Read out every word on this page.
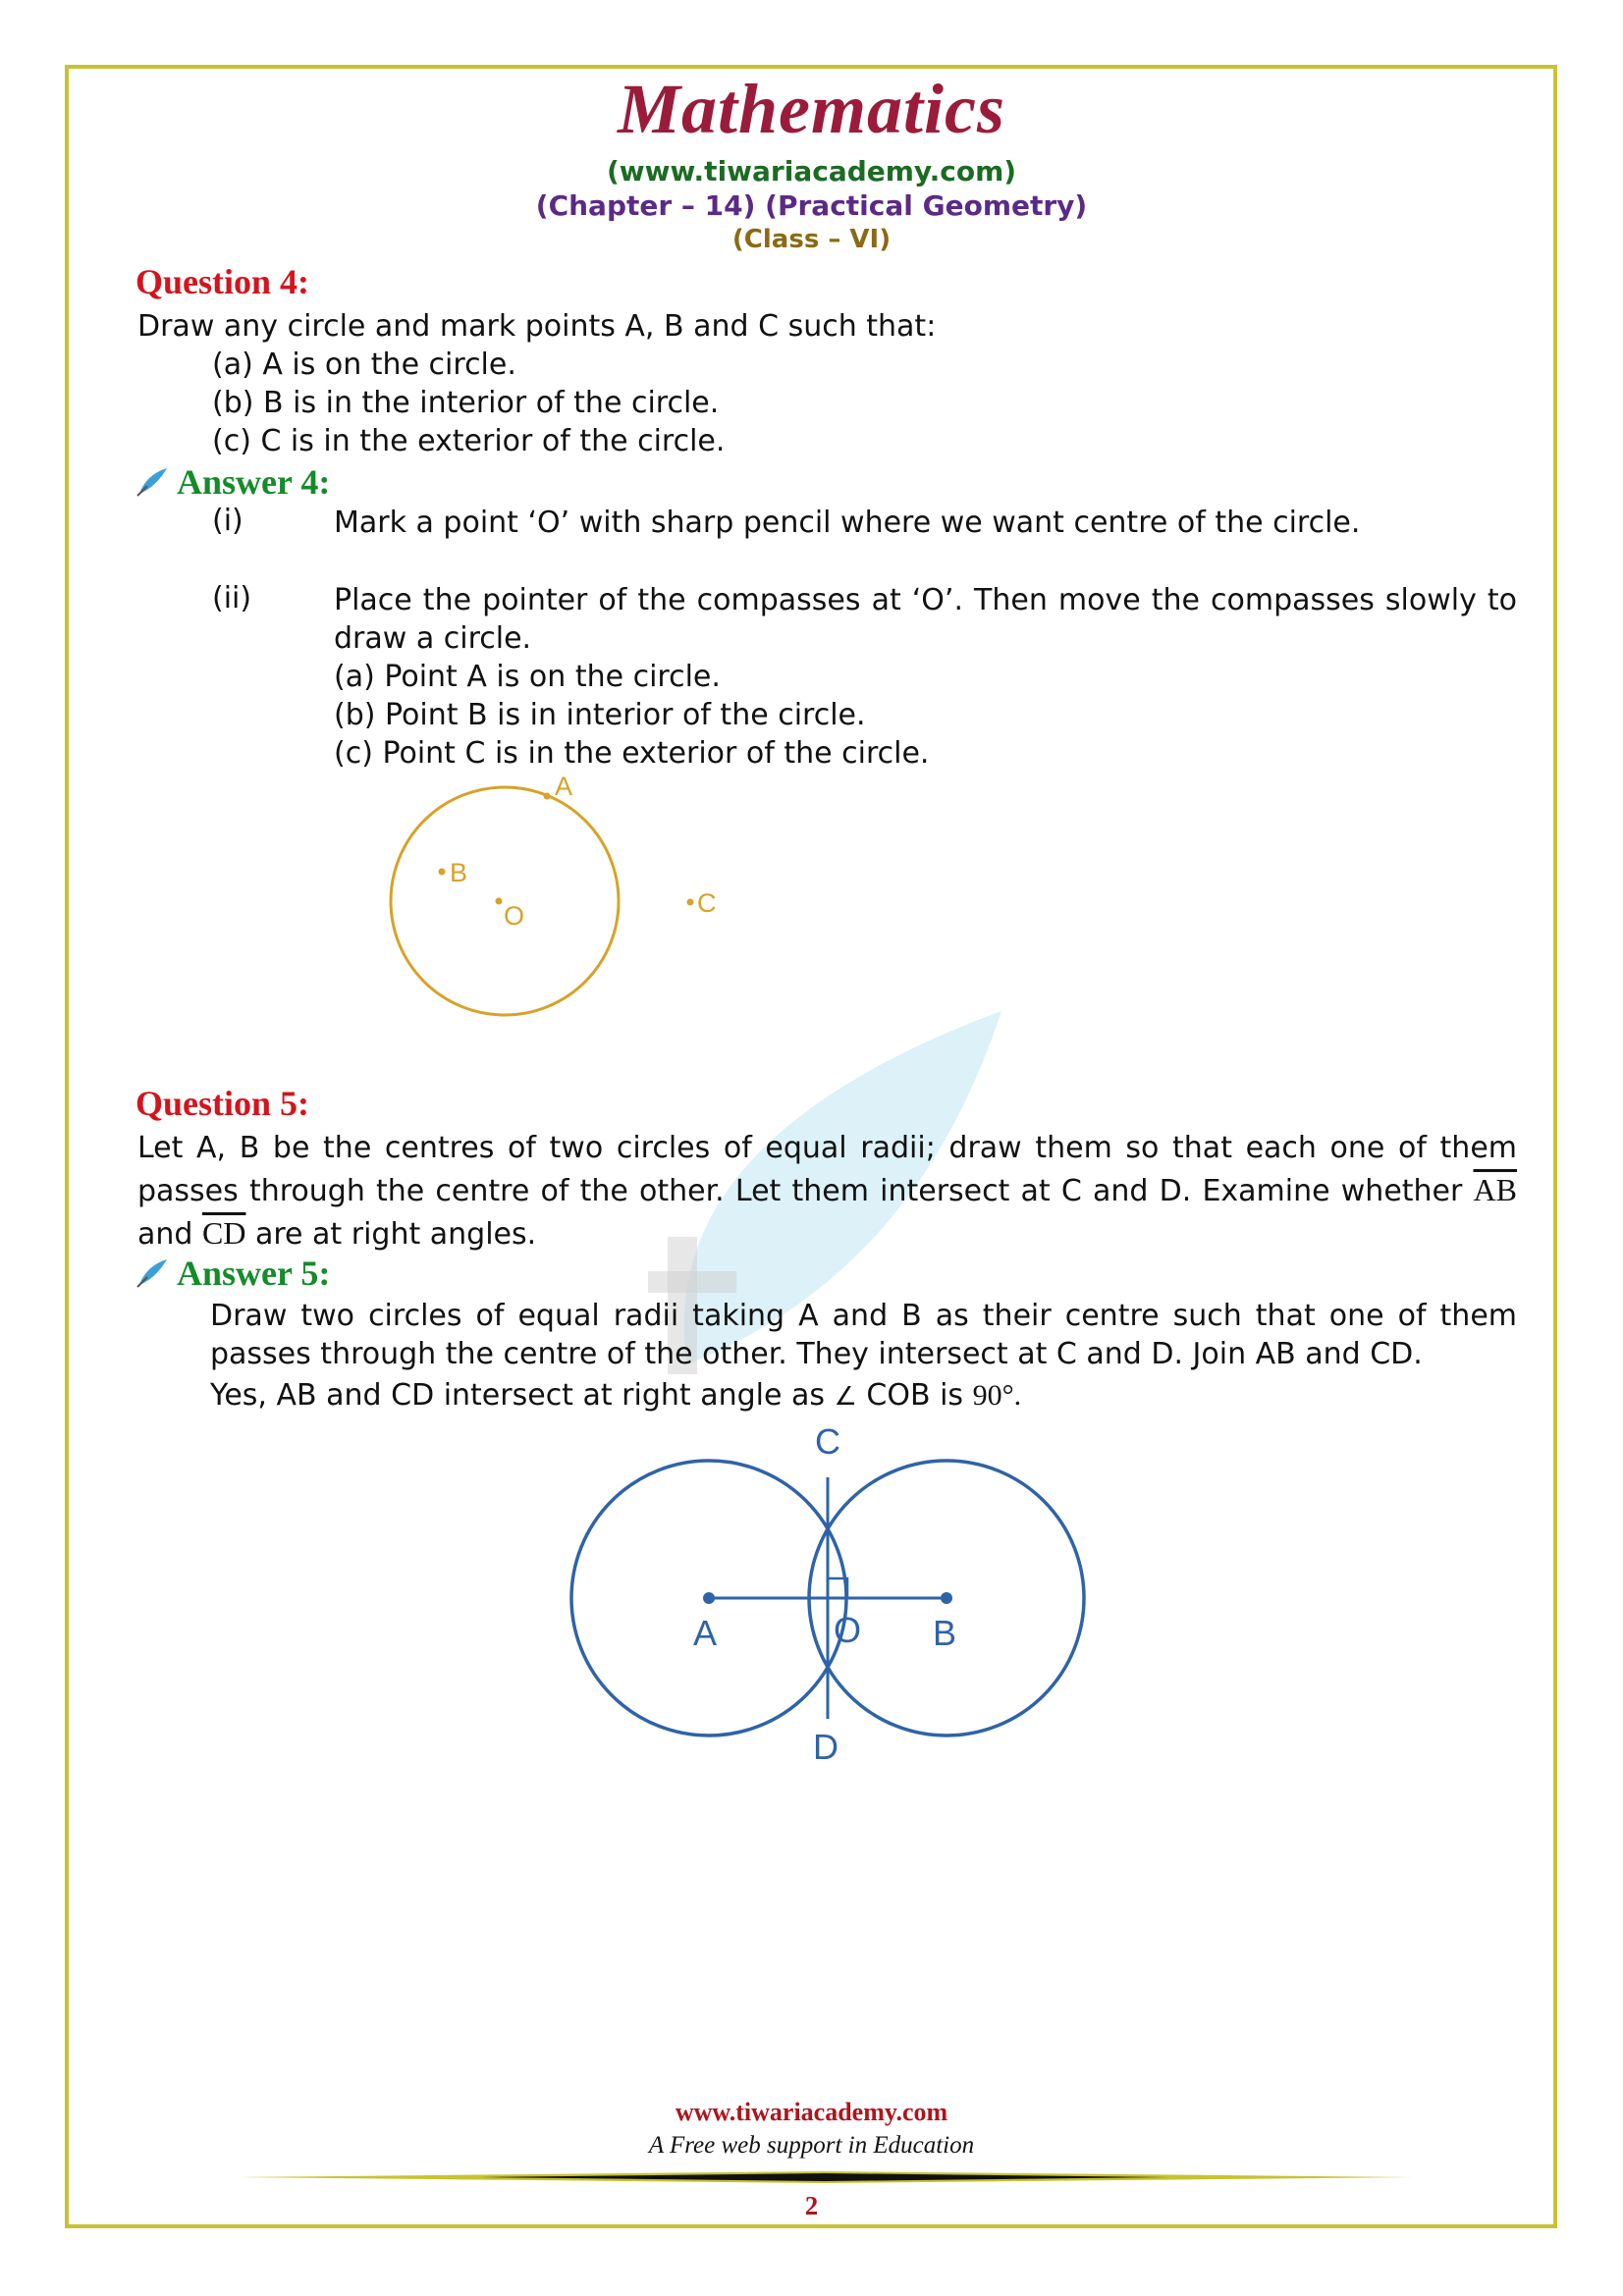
Mathematics
(www.tiwariacademy.com)
(Chapter – 14) (Practical Geometry)
(Class – VI)
Question 4:
Draw any circle and mark points A, B and C such that:
(a) A is on the circle.
(b) B is in the interior of the circle.
(c) C is in the exterior of the circle.
Answer 4:
(i)	Mark a point ‘O’ with sharp pencil where we want centre of the circle.
(ii)	Place the pointer of the compasses at ‘O’. Then move the compasses slowly to draw a circle.
(a) Point A is on the circle.
(b) Point B is in interior of the circle.
(c) Point C is in the exterior of the circle.
A
B
O	C
Question 5:
Let A, B be the centres of two circles of equal radii; draw them so that each one of them passes through the centre of the other. Let them intersect at C and D. Examine whether $\overline{AB}$ and $\overline{CD}$ are at right angles.
Answer 5:
Draw two circles of equal radii taking A and B as their centre such that one of them passes through the centre of the other. They intersect at C and D. Join AB and CD.
Yes, AB and CD intersect at right angle as ∠ COB is 90°.
C
A	O B
D
www.tiwariacademy.com
A Free web support in Education
2
